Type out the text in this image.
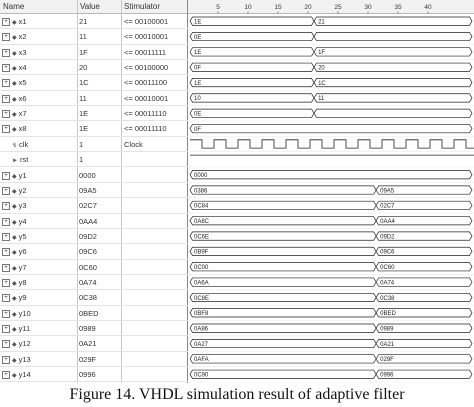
Name	Value	Stimulator
+ ◆ x1	21	<= 00100001
+ ◆ x2	11	<= 00010001
+ ◆ x3	1F	<= 00011111
+ ◆ x4	20	<= 00100000
+ ◆ x5	1C	<= 00011100
+ ◆ x6	11	<= 00010001
+ ◆ x7	1E	<= 00011110
+ ◆ x8	1E	<= 00011110
↯ clk	1	Clock
► rst	1
+ ◆ y1	0000
+ ◆ y2	09A5
+ ◆ y3	02C7
+ ◆ y4	0AA4
+ ◆ y5	09D2
+ ◆ y6	09C6
+ ◆ y7	0C60
+ ◆ y8	0A74
+ ◆ y9	0C38
+ ◆ y10	0BED
+ ◆ y11	0989
+ ◆ y12	0A21
+ ◆ y13	029F
+ ◆ y14	0996
5	10	15	20	25	30	35	40
1E	21
0E
1E	1F
0F	20
1E	1C
10	11
0E
0F
0000
0386	09A5
0C84	02C7
0A8C	0AA4
0C6E	09D2
0B9F	09C6
0C00	0C60
0A6A	0A74
0C8E	0C38
0BF8	0BED
0A86	0989
0A27	0A21
0AFA	029F
0C90	0996
Figure 14. VHDL simulation result of adaptive filter
